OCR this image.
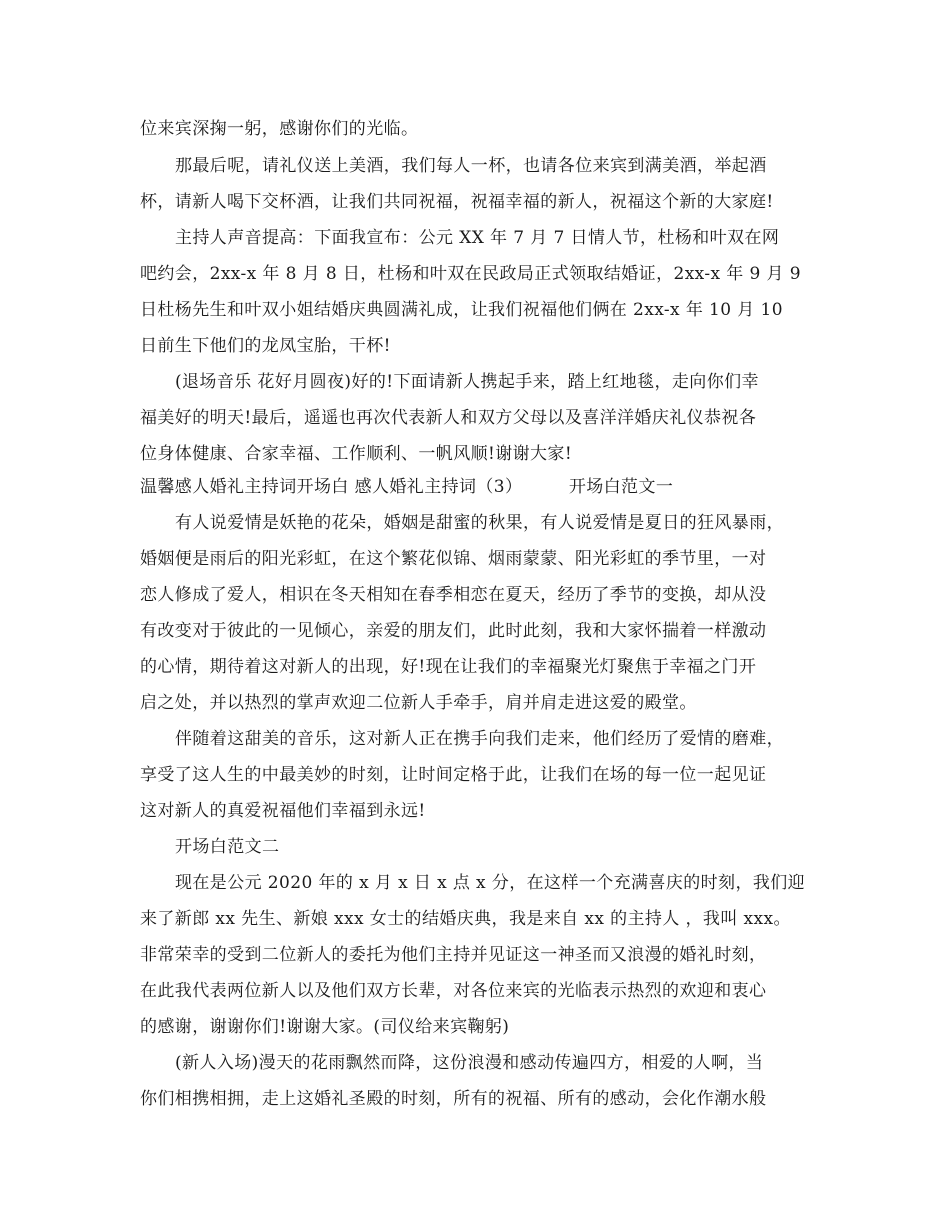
位来宾深掬一躬，感谢你们的光临。
那最后呢，请礼仪送上美酒，我们每人一杯，也请各位来宾到满美酒，举起酒
杯，请新人喝下交杯酒，让我们共同祝福，祝福幸福的新人，祝福这个新的大家庭!
主持人声音提高：下面我宣布：公元 XX 年 7 月 7 日情人节，杜杨和叶双在网
吧约会，2xx-x 年 8 月 8 日，杜杨和叶双在民政局正式领取结婚证，2xx-x 年 9 月 9
日杜杨先生和叶双小姐结婚庆典圆满礼成，让我们祝福他们俩在 2xx-x 年 10 月 10
日前生下他们的龙凤宝胎，干杯!
(退场音乐 花好月圆夜)好的!下面请新人携起手来，踏上红地毯，走向你们幸
福美好的明天!最后，遥遥也再次代表新人和双方父母以及喜洋洋婚庆礼仪恭祝各
位身体健康、合家幸福、工作顺利、一帆风顺!谢谢大家!
温馨感人婚礼主持词开场白 感人婚礼主持词（3）        开场白范文一
有人说爱情是妖艳的花朵，婚姻是甜蜜的秋果，有人说爱情是夏日的狂风暴雨，
婚姻便是雨后的阳光彩虹，在这个繁花似锦、烟雨蒙蒙、阳光彩虹的季节里，一对
恋人修成了爱人，相识在冬天相知在春季相恋在夏天，经历了季节的变换，却从没
有改变对于彼此的一见倾心，亲爱的朋友们，此时此刻，我和大家怀揣着一样激动
的心情，期待着这对新人的出现，好!现在让我们的幸福聚光灯聚焦于幸福之门开
启之处，并以热烈的掌声欢迎二位新人手牵手，肩并肩走进这爱的殿堂。
伴随着这甜美的音乐，这对新人正在携手向我们走来，他们经历了爱情的磨难，
享受了这人生的中最美妙的时刻，让时间定格于此，让我们在场的每一位一起见证
这对新人的真爱祝福他们幸福到永远!
开场白范文二
现在是公元 2020 年的 x 月 x 日 x 点 x 分，在这样一个充满喜庆的时刻，我们迎
来了新郎 xx 先生、新娘 xxx 女士的结婚庆典，我是来自 xx 的主持人 ，我叫 xxx。
非常荣幸的受到二位新人的委托为他们主持并见证这一神圣而又浪漫的婚礼时刻，
在此我代表两位新人以及他们双方长辈，对各位来宾的光临表示热烈的欢迎和衷心
的感谢，谢谢你们!谢谢大家。(司仪给来宾鞠躬)
(新人入场)漫天的花雨飘然而降，这份浪漫和感动传遍四方，相爱的人啊，当
你们相携相拥，走上这婚礼圣殿的时刻，所有的祝福、所有的感动，会化作潮水般
